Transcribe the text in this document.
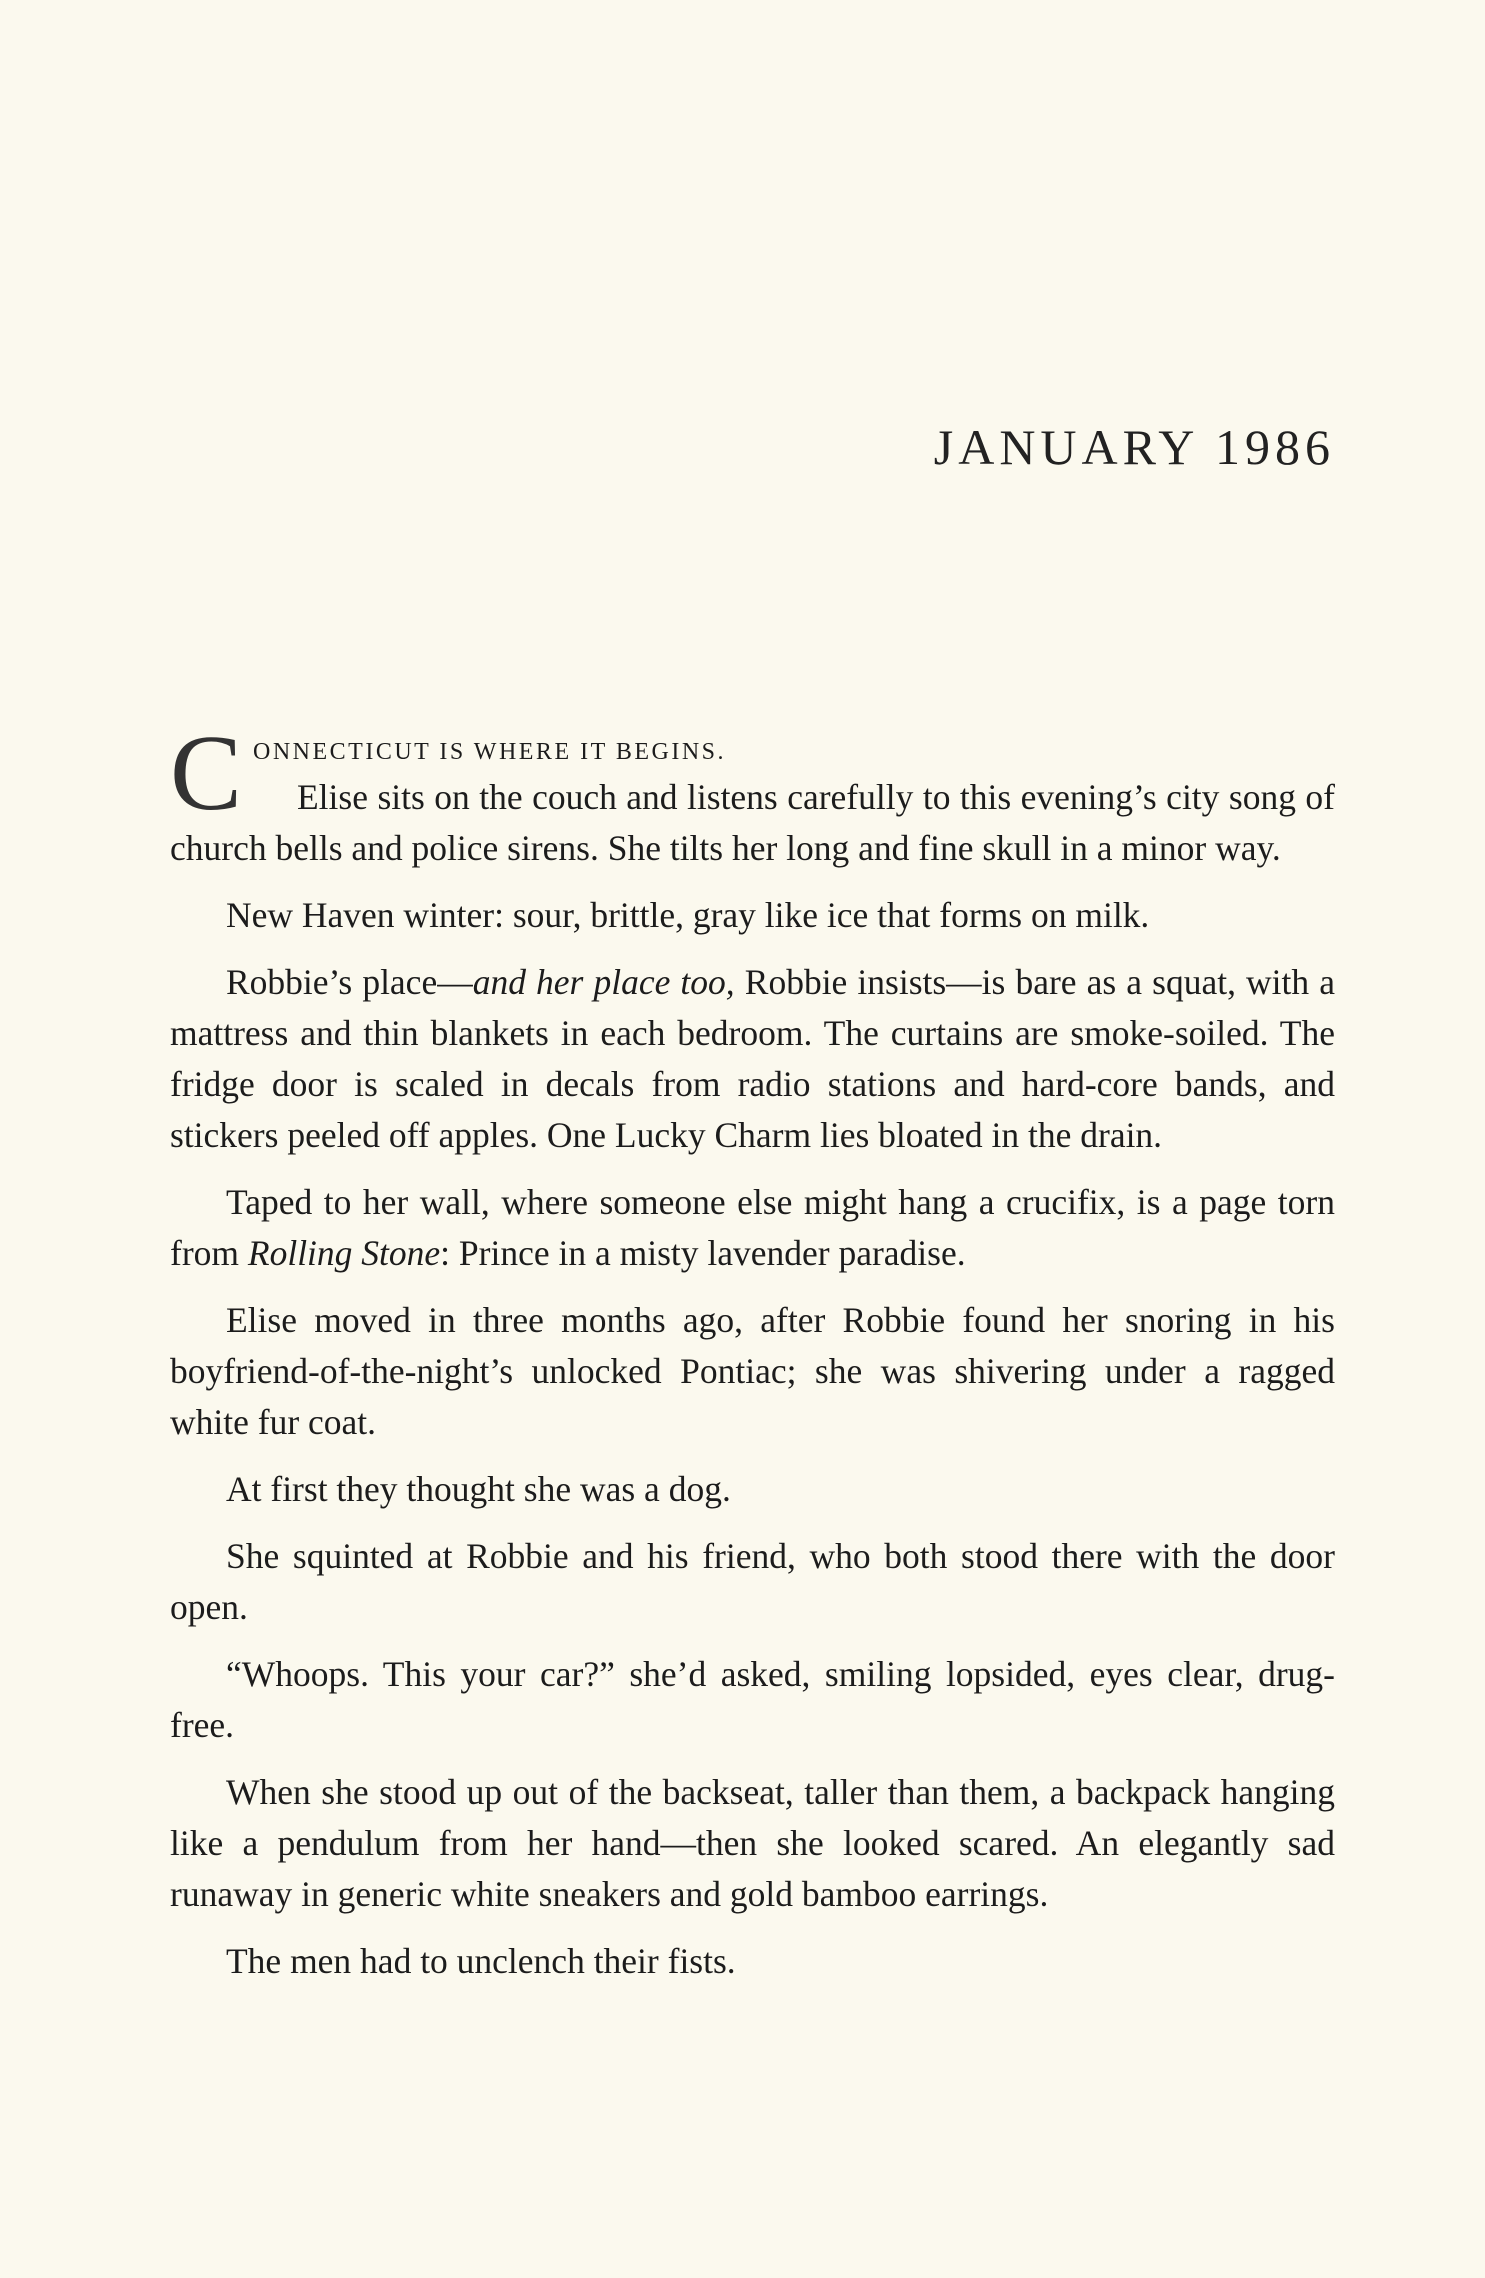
JANUARY 1986
C ONNECTICUT IS WHERE IT BEGINS.
Elise sits on the couch and listens carefully to this evening’s city song of church bells and police sirens. She tilts her long and fine skull in a minor way.

New Haven winter: sour, brittle, gray like ice that forms on milk.

Robbie’s place—and her place too, Robbie insists—is bare as a squat, with a mattress and thin blankets in each bedroom. The curtains are smoke-soiled. The fridge door is scaled in decals from radio stations and hard-core bands, and stickers peeled off apples. One Lucky Charm lies bloated in the drain.

Taped to her wall, where someone else might hang a crucifix, is a page torn from Rolling Stone: Prince in a misty lavender paradise.

Elise moved in three months ago, after Robbie found her snoring in his boyfriend-of-the-night’s unlocked Pontiac; she was shivering under a ragged white fur coat.

At first they thought she was a dog.

She squinted at Robbie and his friend, who both stood there with the door open.

“Whoops. This your car?” she’d asked, smiling lopsided, eyes clear, drug-free.

When she stood up out of the backseat, taller than them, a backpack hanging like a pendulum from her hand—then she looked scared. An elegantly sad runaway in generic white sneakers and gold bamboo earrings.

The men had to unclench their fists.
